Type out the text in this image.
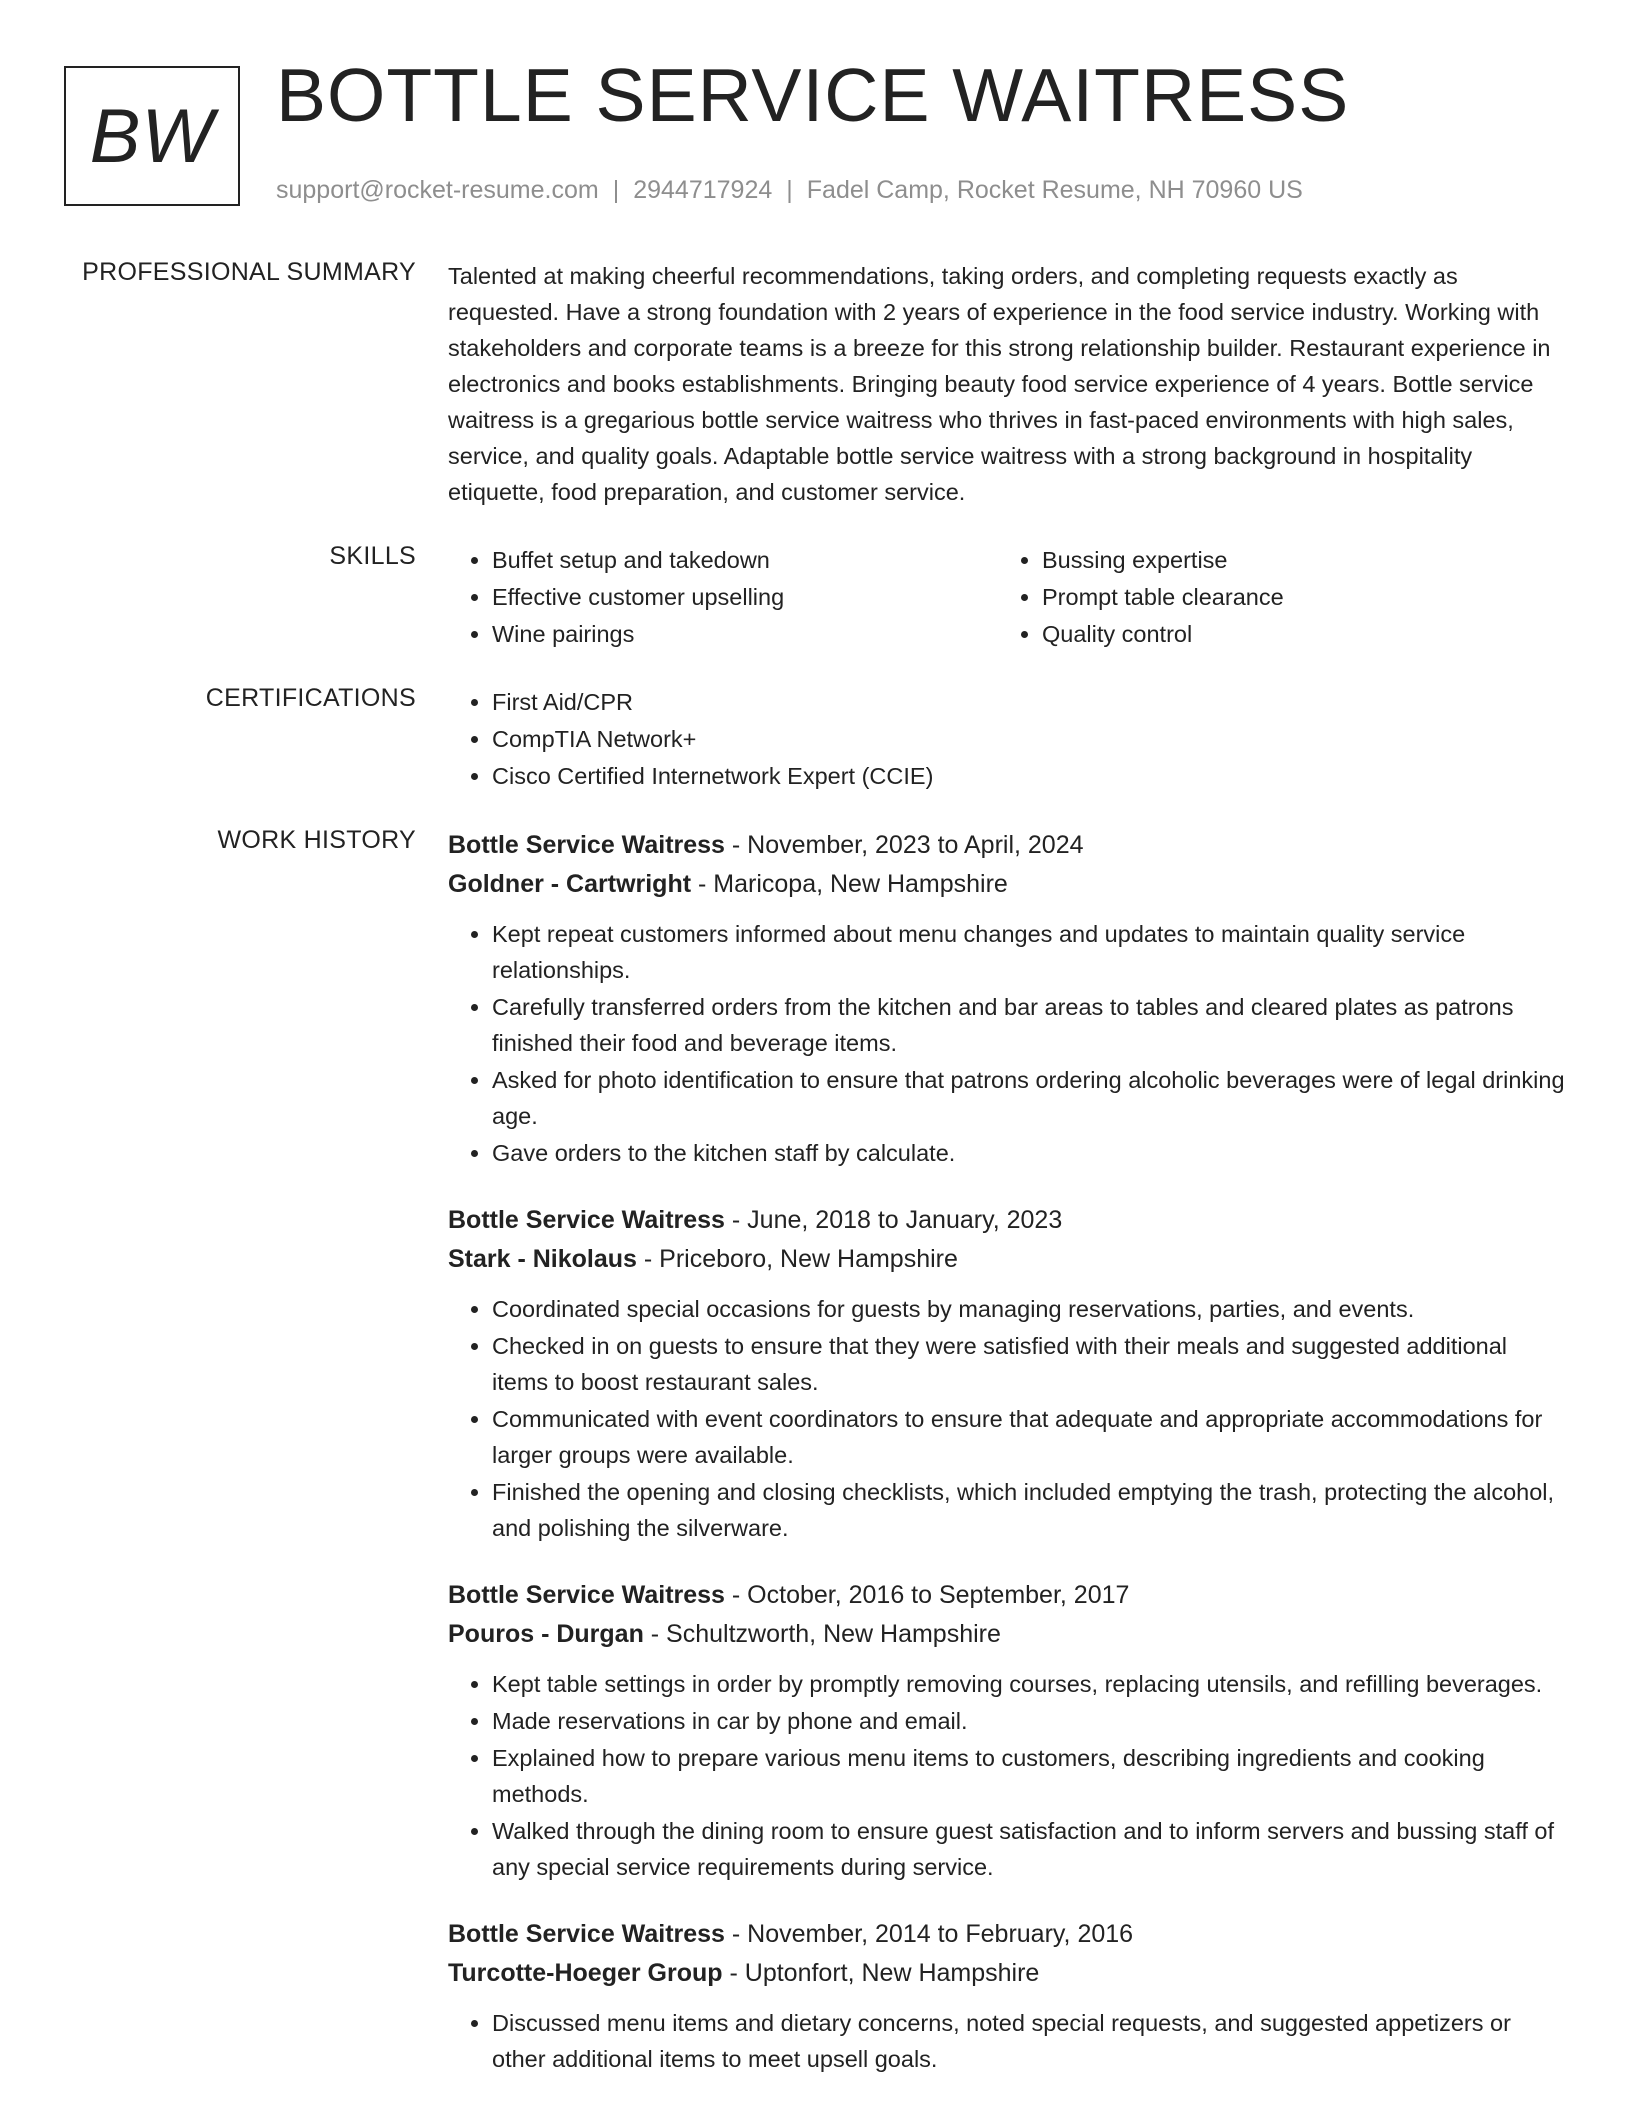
BW BOTTLE SERVICE WAITRESS
support@rocket-resume.com | 2944717924 | Fadel Camp, Rocket Resume, NH 70960 US
PROFESSIONAL SUMMARY Talented at making cheerful recommendations, taking orders, and completing requests exactly as requested. Have a strong foundation with 2 years of experience in the food service industry. Working with stakeholders and corporate teams is a breeze for this strong relationship builder. Restaurant experience in electronics and books establishments. Bringing beauty food service experience of 4 years. Bottle service waitress is a gregarious bottle service waitress who thrives in fast-paced environments with high sales, service, and quality goals. Adaptable bottle service waitress with a strong background in hospitality etiquette, food preparation, and customer service.

SKILLS	• Buffet setup and takedown
• Effective customer upselling
• Wine pairings
• Bussing expertise
• Prompt table clearance
• Quality control
CERTIFICATIONS	• First Aid/CPR
• CompTIA Network+
• Cisco Certified Internetwork Expert (CCIE)
WORK HISTORY Bottle Service Waitress - November, 2023 to April, 2024
Goldner - Cartwright - Maricopa, New Hampshire
• Kept repeat customers informed about menu changes and updates to maintain quality service relationships.
• Carefully transferred orders from the kitchen and bar areas to tables and cleared plates as patrons finished their food and beverage items.
• Asked for photo identification to ensure that patrons ordering alcoholic beverages were of legal drinking age.
• Gave orders to the kitchen staff by calculate.
Bottle Service Waitress - June, 2018 to January, 2023
Stark - Nikolaus - Priceboro, New Hampshire
• Coordinated special occasions for guests by managing reservations, parties, and events.
• Checked in on guests to ensure that they were satisfied with their meals and suggested additional items to boost restaurant sales.
• Communicated with event coordinators to ensure that adequate and appropriate accommodations for larger groups were available.
• Finished the opening and closing checklists, which included emptying the trash, protecting the alcohol, and polishing the silverware.
Bottle Service Waitress - October, 2016 to September, 2017
Pouros - Durgan - Schultzworth, New Hampshire
• Kept table settings in order by promptly removing courses, replacing utensils, and refilling beverages.
• Made reservations in car by phone and email.
• Explained how to prepare various menu items to customers, describing ingredients and cooking methods.
• Walked through the dining room to ensure guest satisfaction and to inform servers and bussing staff of any special service requirements during service.
Bottle Service Waitress - November, 2014 to February, 2016
Turcotte-Hoeger Group - Uptonfort, New Hampshire
• Discussed menu items and dietary concerns, noted special requests, and suggested appetizers or other additional items to meet upsell goals.
